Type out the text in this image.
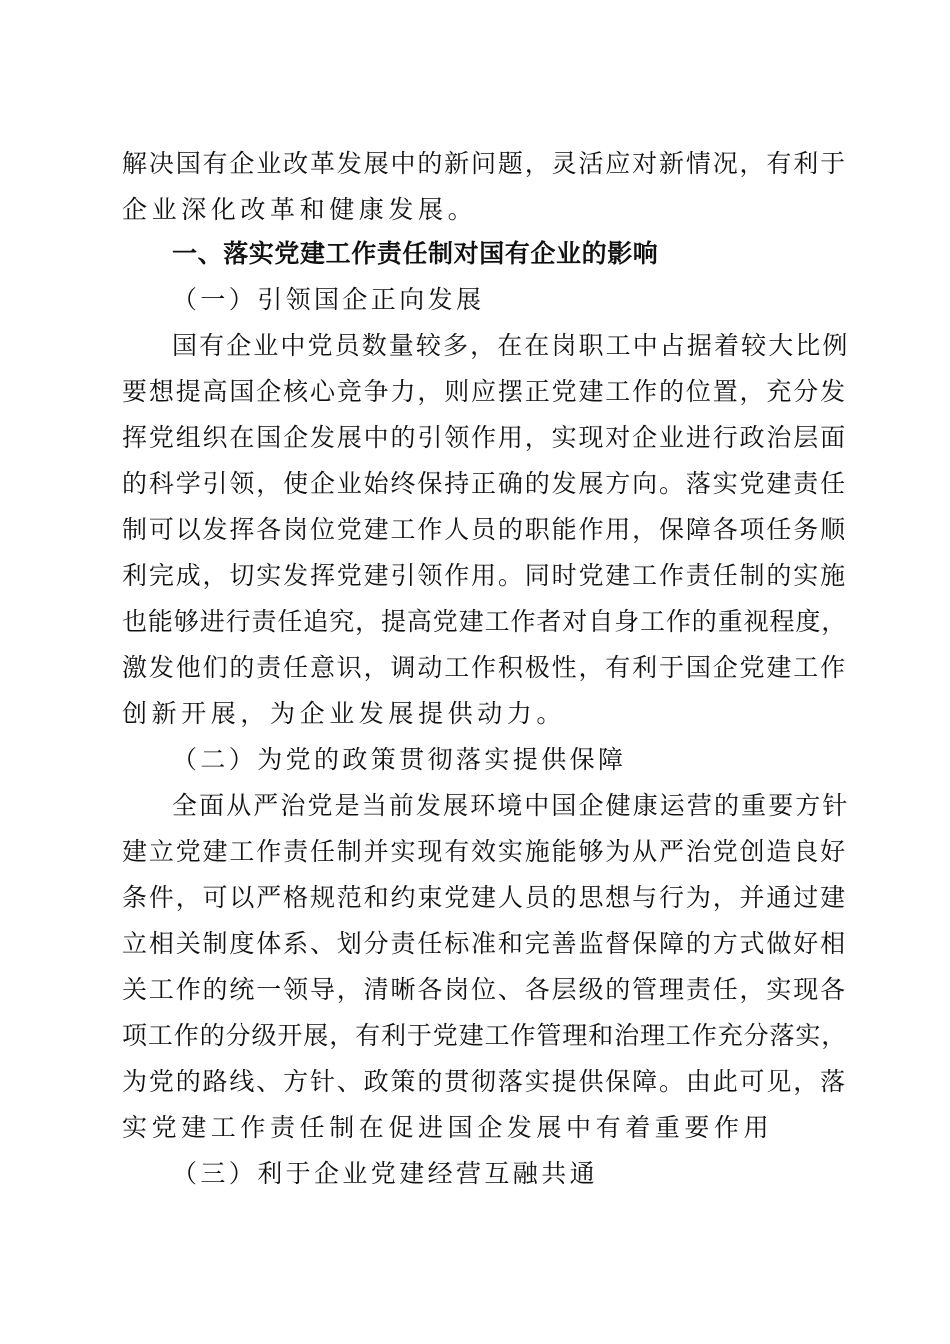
解决国有企业改革发展中的新问题，灵活应对新情况，有利于
企业深化改革和健康发展。
一、落实党建工作责任制对国有企业的影响
（一）引领国企正向发展
国有企业中党员数量较多，在在岗职工中占据着较大比例
要想提高国企核心竞争力，则应摆正党建工作的位置，充分发
挥党组织在国企发展中的引领作用，实现对企业进行政治层面
的科学引领，使企业始终保持正确的发展方向。落实党建责任
制可以发挥各岗位党建工作人员的职能作用，保障各项任务顺
利完成，切实发挥党建引领作用。同时党建工作责任制的实施
也能够进行责任追究，提高党建工作者对自身工作的重视程度，
激发他们的责任意识，调动工作积极性，有利于国企党建工作
创新开展，为企业发展提供动力。
（二）为党的政策贯彻落实提供保障
全面从严治党是当前发展环境中国企健康运营的重要方针
建立党建工作责任制并实现有效实施能够为从严治党创造良好
条件，可以严格规范和约束党建人员的思想与行为，并通过建
立相关制度体系、划分责任标准和完善监督保障的方式做好相
关工作的统一领导，清晰各岗位、各层级的管理责任，实现各
项工作的分级开展，有利于党建工作管理和治理工作充分落实，
为党的路线、方针、政策的贯彻落实提供保障。由此可见，落
实党建工作责任制在促进国企发展中有着重要作用
（三）利于企业党建经营互融共通
